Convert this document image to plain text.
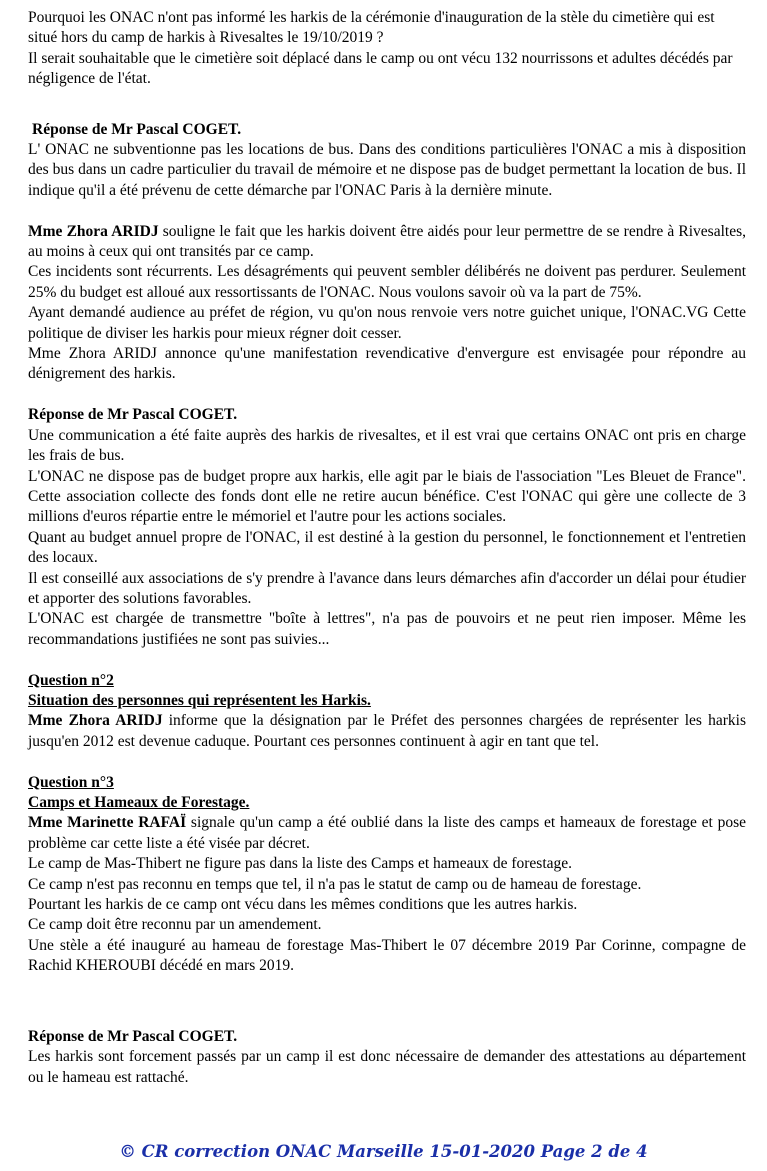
Pourquoi les ONAC n'ont pas informé les harkis de la cérémonie d'inauguration de la stèle du cimetière qui est situé hors du camp de harkis à Rivesaltes le 19/10/2019 ?

Il serait souhaitable que le cimetière soit déplacé dans le camp ou ont vécu 132 nourrissons et adultes décédés par négligence de l'état.

Réponse de Mr Pascal COGET.

L' ONAC ne subventionne pas les locations de bus. Dans des conditions particulières l'ONAC a mis à disposition des bus dans un cadre particulier du travail de mémoire et ne dispose pas de budget permettant la location de bus. Il indique qu'il a été prévenu de cette démarche par l'ONAC Paris à la dernière minute.

Mme Zhora ARIDJ souligne le fait que les harkis doivent être aidés pour leur permettre de se rendre à Rivesaltes, au moins à ceux qui ont transités par ce camp.

Ces incidents sont récurrents. Les désagréments qui peuvent sembler délibérés ne doivent pas perdurer. Seulement 25% du budget est alloué aux ressortissants de l'ONAC. Nous voulons savoir où va la part de 75%.

Ayant demandé audience au préfet de région, vu qu'on nous renvoie vers notre guichet unique, l'ONAC.VG Cette politique de diviser les harkis pour mieux régner doit cesser.

Mme Zhora ARIDJ annonce qu'une manifestation revendicative d'envergure est envisagée pour répondre au dénigrement des harkis.

Réponse de Mr Pascal COGET.

Une communication a été faite auprès des harkis de rivesaltes, et il est vrai que certains ONAC ont pris en charge les frais de bus.

L'ONAC ne dispose pas de budget propre aux harkis, elle agit par le biais de l'association "Les Bleuet de France". Cette association collecte des fonds dont elle ne retire aucun bénéfice. C'est l'ONAC qui gère une collecte de 3 millions d'euros répartie entre le mémoriel et l'autre pour les actions sociales.

Quant au budget annuel propre de l'ONAC, il est destiné à la gestion du personnel, le fonctionnement et l'entretien des locaux.

Il est conseillé aux associations de s'y prendre à l'avance dans leurs démarches afin d'accorder un délai pour étudier et apporter des solutions favorables.

L'ONAC est chargée de transmettre "boîte à lettres", n'a pas de pouvoirs et ne peut rien imposer. Même les recommandations justifiées ne sont pas suivies...

Question n°2

Situation des personnes qui représentent les Harkis.

Mme Zhora ARIDJ informe que la désignation par le Préfet des personnes chargées de représenter les harkis jusqu'en 2012 est devenue caduque. Pourtant ces personnes continuent à agir en tant que tel.

Question n°3

Camps et Hameaux de Forestage.

Mme Marinette RAFAÏ signale qu'un camp a été oublié dans la liste des camps et hameaux de forestage et pose problème car cette liste a été visée par décret.

Le camp de Mas-Thibert ne figure pas dans la liste des Camps et hameaux de forestage.

Ce camp n'est pas reconnu en temps que tel, il n'a pas le statut de camp ou de hameau de forestage.

Pourtant les harkis de ce camp ont vécu dans les mêmes conditions que les autres harkis.

Ce camp doit être reconnu par un amendement.

Une stèle a été inauguré au hameau de forestage Mas-Thibert le 07 décembre 2019 Par Corinne, compagne de Rachid KHEROUBI décédé en mars 2019.

Réponse de Mr Pascal COGET.

Les harkis sont forcement passés par un camp il est donc nécessaire de demander des attestations au département ou le hameau est rattaché.

© CR correction ONAC Marseille 15-01-2020 Page 2 de 4
